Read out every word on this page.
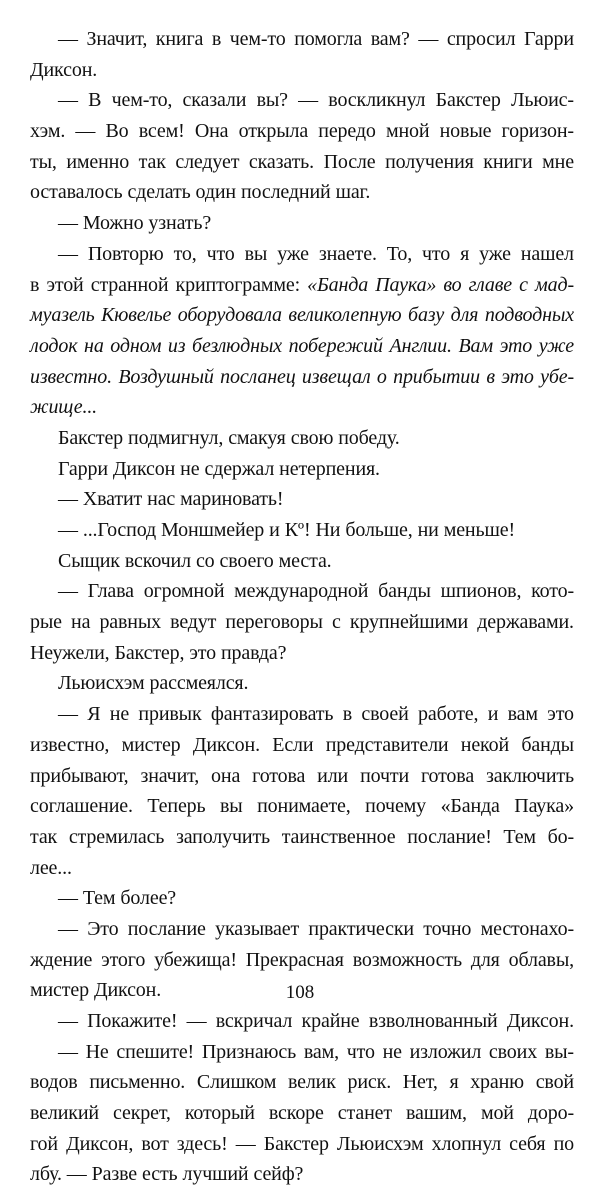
— Значит, книга в чем-то помогла вам? — спросил Гарри
Диксон.
— В чем-то, сказали вы? — воскликнул Бакстер Льюис-
хэм. — Во всем! Она открыла передо мной новые горизон-
ты, именно так следует сказать. После получения книги мне
оставалось сделать один последний шаг.
— Можно узнать?
— Повторю то, что вы уже знаете. То, что я уже нашел
в этой странной криптограмме: «Банда Паука» во главе с мад-
муазель Кювелье оборудовала великолепную базу для подводных
лодок на одном из безлюдных побережий Англии. Вам это уже
известно. Воздушный посланец извещал о прибытии в это убе-
жище...
Бакстер подмигнул, смакуя свою победу.
Гарри Диксон не сдержал нетерпения.
— Хватит нас мариновать!
— ...Господ Моншмейер и Кº! Ни больше, ни меньше!
Сыщик вскочил со своего места.
— Глава огромной международной банды шпионов, кото-
рые на равных ведут переговоры с крупнейшими державами.
Неужели, Бакстер, это правда?
Льюисхэм рассмеялся.
— Я не привык фантазировать в своей работе, и вам это
известно, мистер Диксон. Если представители некой банды
прибывают, значит, она готова или почти готова заключить
соглашение. Теперь вы понимаете, почему «Банда Паука»
так стремилась заполучить таинственное послание! Тем бо-
лее...
— Тем более?
— Это послание указывает практически точно местонахо-
ждение этого убежища! Прекрасная возможность для облавы,
мистер Диксон.
— Покажите! — вскричал крайне взволнованный Диксон.
— Не спешите! Признаюсь вам, что не изложил своих вы-
водов письменно. Слишком велик риск. Нет, я храню свой
великий секрет, который вскоре станет вашим, мой доро-
гой Диксон, вот здесь! — Бакстер Льюисхэм хлопнул себя по
лбу. — Разве есть лучший сейф?
108
